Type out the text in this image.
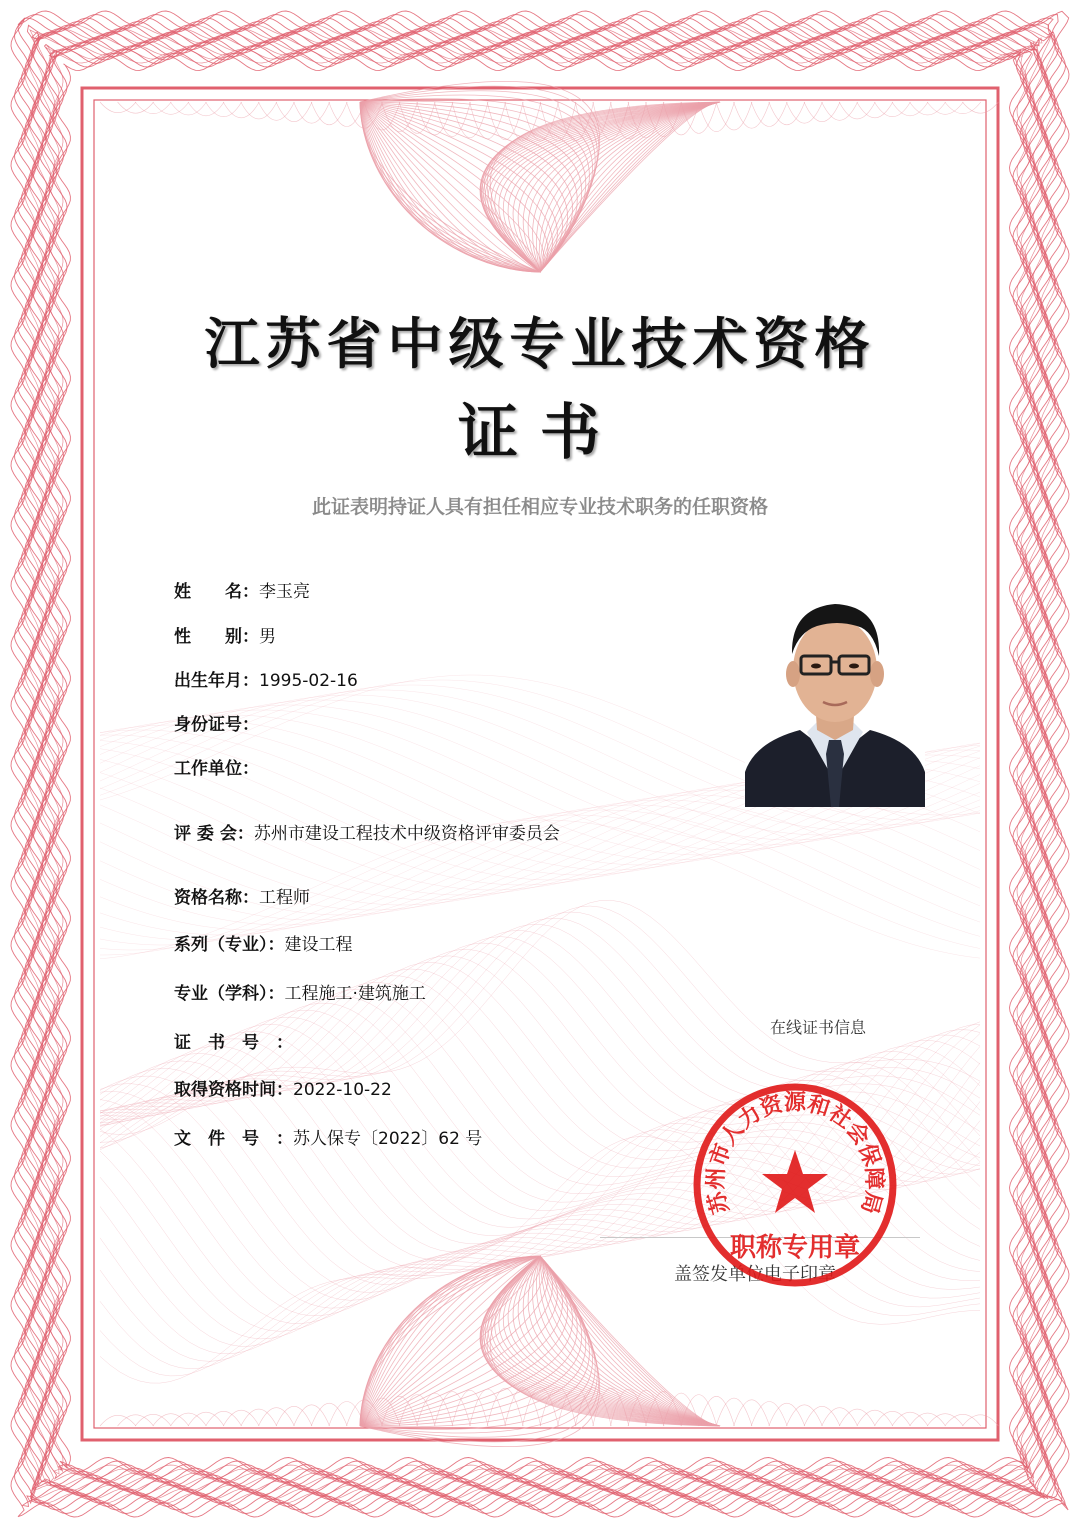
江苏省中级专业技术资格
证书
此证表明持证人具有担任相应专业技术职务的任职资格
姓　　名：李玉亮
性　　别：男
出生年月：1995-02-16
身份证号：
工作单位：
评 委 会：苏州市建设工程技术中级资格评审委员会
资格名称：工程师
系列（专业）：建设工程
专业（学科）：工程施工·建筑施工
证　书　号　：
取得资格时间：2022-10-22
文　件　号　：苏人保专〔2022〕62 号
在线证书信息
盖签发单位电子印章
苏州市人力资源和社会保障局
职称专用章
